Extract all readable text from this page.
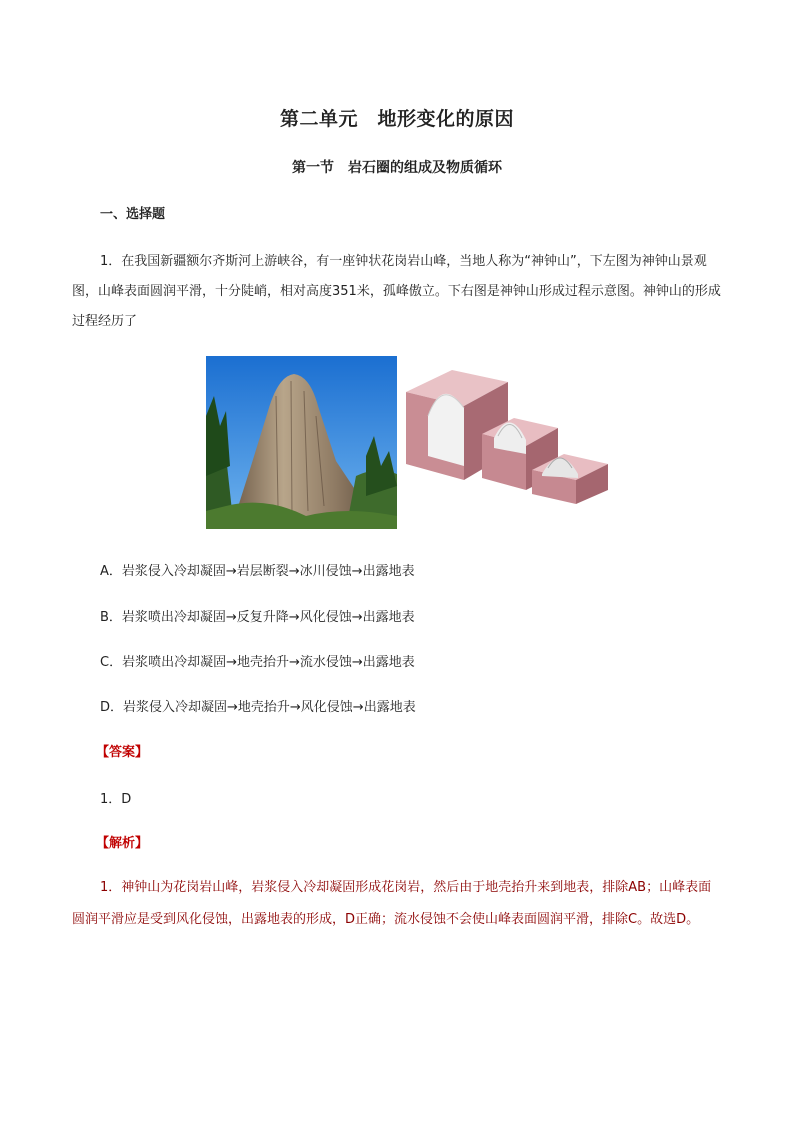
第二单元　地形变化的原因
第一节　岩石圈的组成及物质循环
一、选择题
1．在我国新疆额尔齐斯河上游峡谷，有一座钟状花岗岩山峰，当地人称为“神钟山”，下左图为神钟山景观图，山峰表面圆润平滑，十分陡峭，相对高度351米，孤峰傲立。下右图是神钟山形成过程示意图。神钟山的形成过程经历了
A．岩浆侵入冷却凝固→岩层断裂→冰川侵蚀→出露地表
B．岩浆喷出冷却凝固→反复升降→风化侵蚀→出露地表
C．岩浆喷出冷却凝固→地壳抬升→流水侵蚀→出露地表
D．岩浆侵入冷却凝固→地壳抬升→风化侵蚀→出露地表
【答案】
1．D
【解析】
1．神钟山为花岗岩山峰，岩浆侵入冷却凝固形成花岗岩，然后由于地壳抬升来到地表，排除AB；山峰表面圆润平滑应是受到风化侵蚀，出露地表的形成，D正确；流水侵蚀不会使山峰表面圆润平滑，排除C。故选D。
